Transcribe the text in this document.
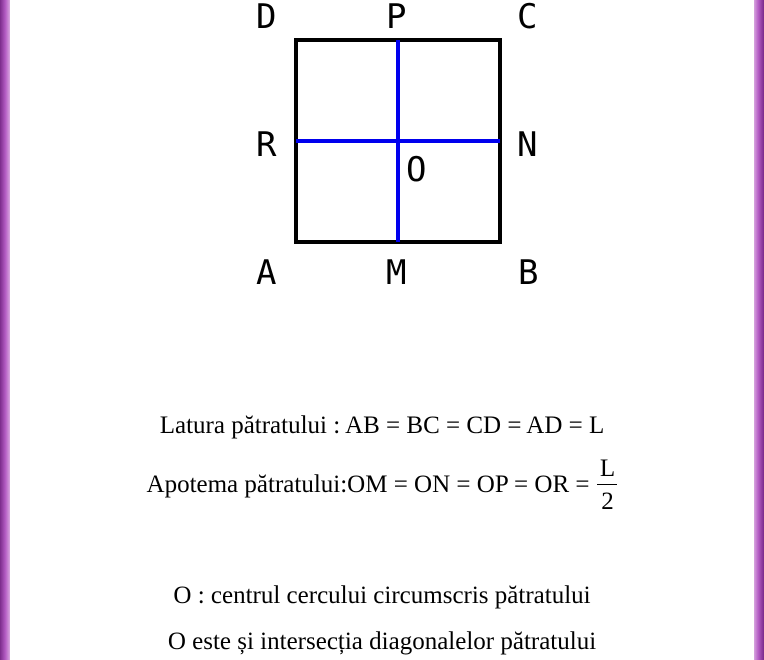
D	P	C
R	N
O
A	M	B
Latura pătratului : AB = BC = CD = AD = L
Apotema pătratului : OM = ON = OP = OR = $\frac{L}{2}$
O : centrul cercului circumscris pătratului
O este și intersecția diagonalelor pătratului
